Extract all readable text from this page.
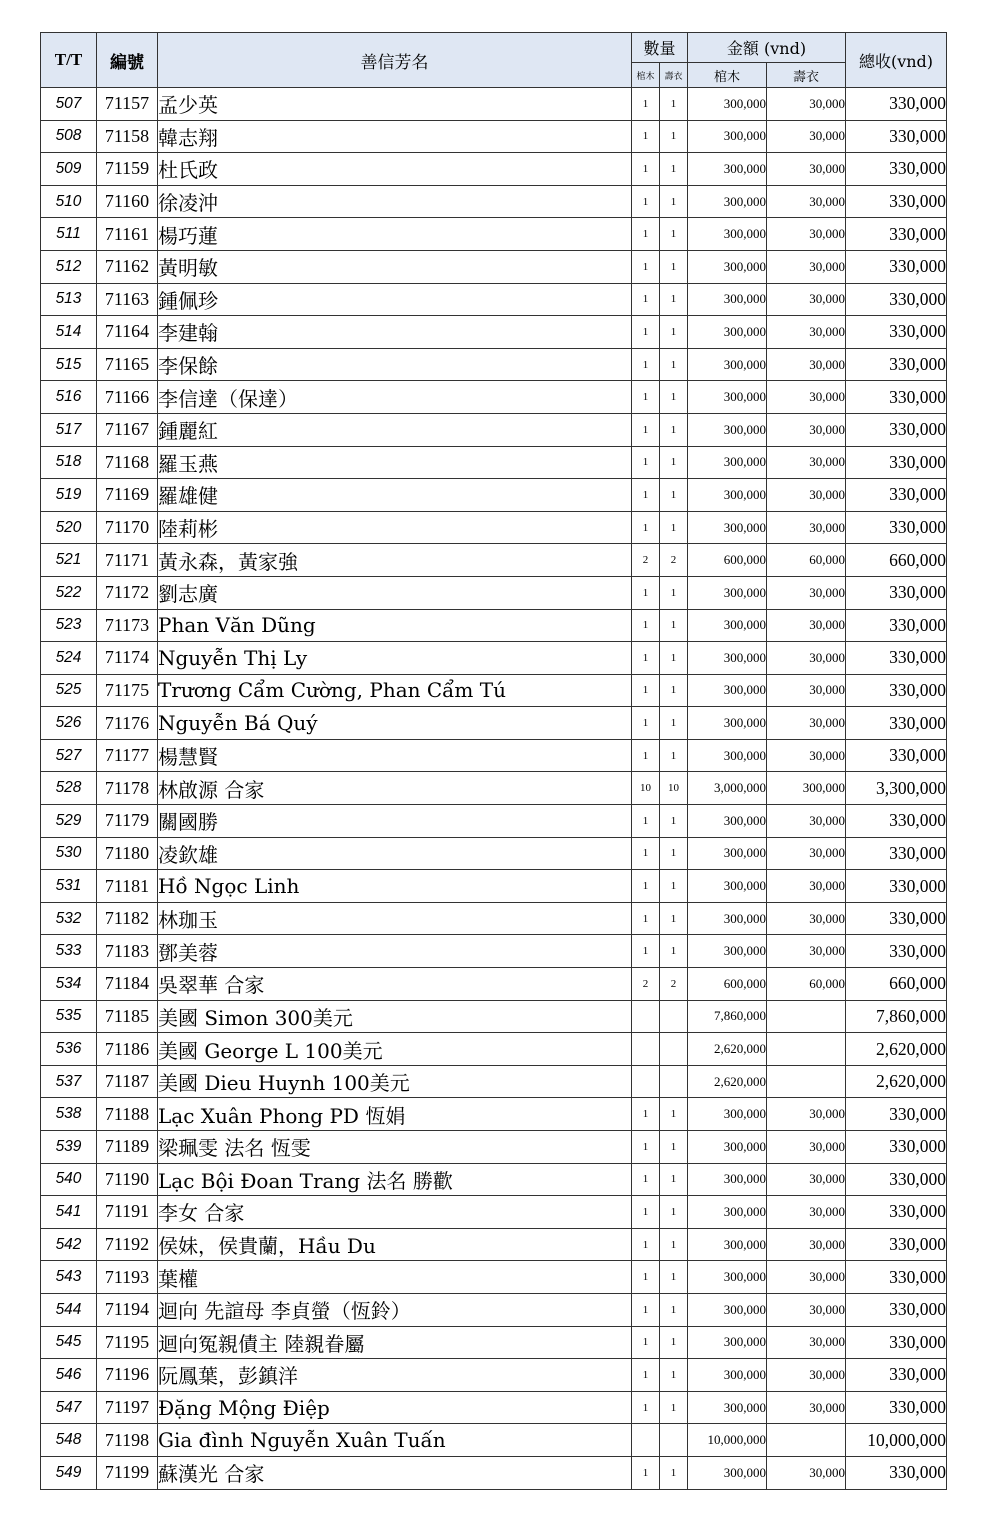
T/T	編號	善信芳名	數量		金額 (vnd)		總收(vnd)
			棺木	壽衣	棺木	壽衣	
507	71157	孟少英	1	1	300,000	30,000	330,000
508	71158	韓志翔	1	1	300,000	30,000	330,000
509	71159	杜氏政	1	1	300,000	30,000	330,000
510	71160	徐凌沖	1	1	300,000	30,000	330,000
511	71161	楊巧蓮	1	1	300,000	30,000	330,000
512	71162	黃明敏	1	1	300,000	30,000	330,000
513	71163	鍾佩珍	1	1	300,000	30,000	330,000
514	71164	李建翰	1	1	300,000	30,000	330,000
515	71165	李保餘	1	1	300,000	30,000	330,000
516	71166	李信達（保達）	1	1	300,000	30,000	330,000
517	71167	鍾麗紅	1	1	300,000	30,000	330,000
518	71168	羅玉燕	1	1	300,000	30,000	330,000
519	71169	羅雄健	1	1	300,000	30,000	330,000
520	71170	陸莉彬	1	1	300,000	30,000	330,000
521	71171	黃永森，黃家強	2	2	600,000	60,000	660,000
522	71172	劉志廣	1	1	300,000	30,000	330,000
523	71173	Phan Văn Dũng	1	1	300,000	30,000	330,000
524	71174	Nguyễn Thị Ly	1	1	300,000	30,000	330,000
525	71175	Trương Cẩm Cường, Phan Cẩm Tú	1	1	300,000	30,000	330,000
526	71176	Nguyễn Bá Quý	1	1	300,000	30,000	330,000
527	71177	楊慧賢	1	1	300,000	30,000	330,000
528	71178	林啟源 合家	10	10	3,000,000	300,000	3,300,000
529	71179	關國勝	1	1	300,000	30,000	330,000
530	71180	凌欽雄	1	1	300,000	30,000	330,000
531	71181	Hồ Ngọc Linh	1	1	300,000	30,000	330,000
532	71182	林珈玉	1	1	300,000	30,000	330,000
533	71183	鄧美蓉	1	1	300,000	30,000	330,000
534	71184	吳翠華 合家	2	2	600,000	60,000	660,000
535	71185	美國 Simon 300美元			7,860,000		7,860,000
536	71186	美國 George L 100美元			2,620,000		2,620,000
537	71187	美國 Dieu Huynh 100美元			2,620,000		2,620,000
538	71188	Lạc Xuân Phong PD 恆娟	1	1	300,000	30,000	330,000
539	71189	梁珮雯 法名 恆雯	1	1	300,000	30,000	330,000
540	71190	Lạc Bội Đoan Trang 法名 勝歡	1	1	300,000	30,000	330,000
541	71191	李女 合家	1	1	300,000	30,000	330,000
542	71192	侯妹，侯貴蘭，Hầu Du	1	1	300,000	30,000	330,000
543	71193	葉權	1	1	300,000	30,000	330,000
544	71194	迴向 先諠母 李貞螢（恆鈴）	1	1	300,000	30,000	330,000
545	71195	迴向冤親債主 陸親眷屬	1	1	300,000	30,000	330,000
546	71196	阮鳳葉，彭鎮洋	1	1	300,000	30,000	330,000
547	71197	Đặng Mộng Điệp	1	1	300,000	30,000	330,000
548	71198	Gia đình Nguyễn Xuân Tuấn			10,000,000		10,000,000
549	71199	蘇漢光 合家	1	1	300,000	30,000	330,000
